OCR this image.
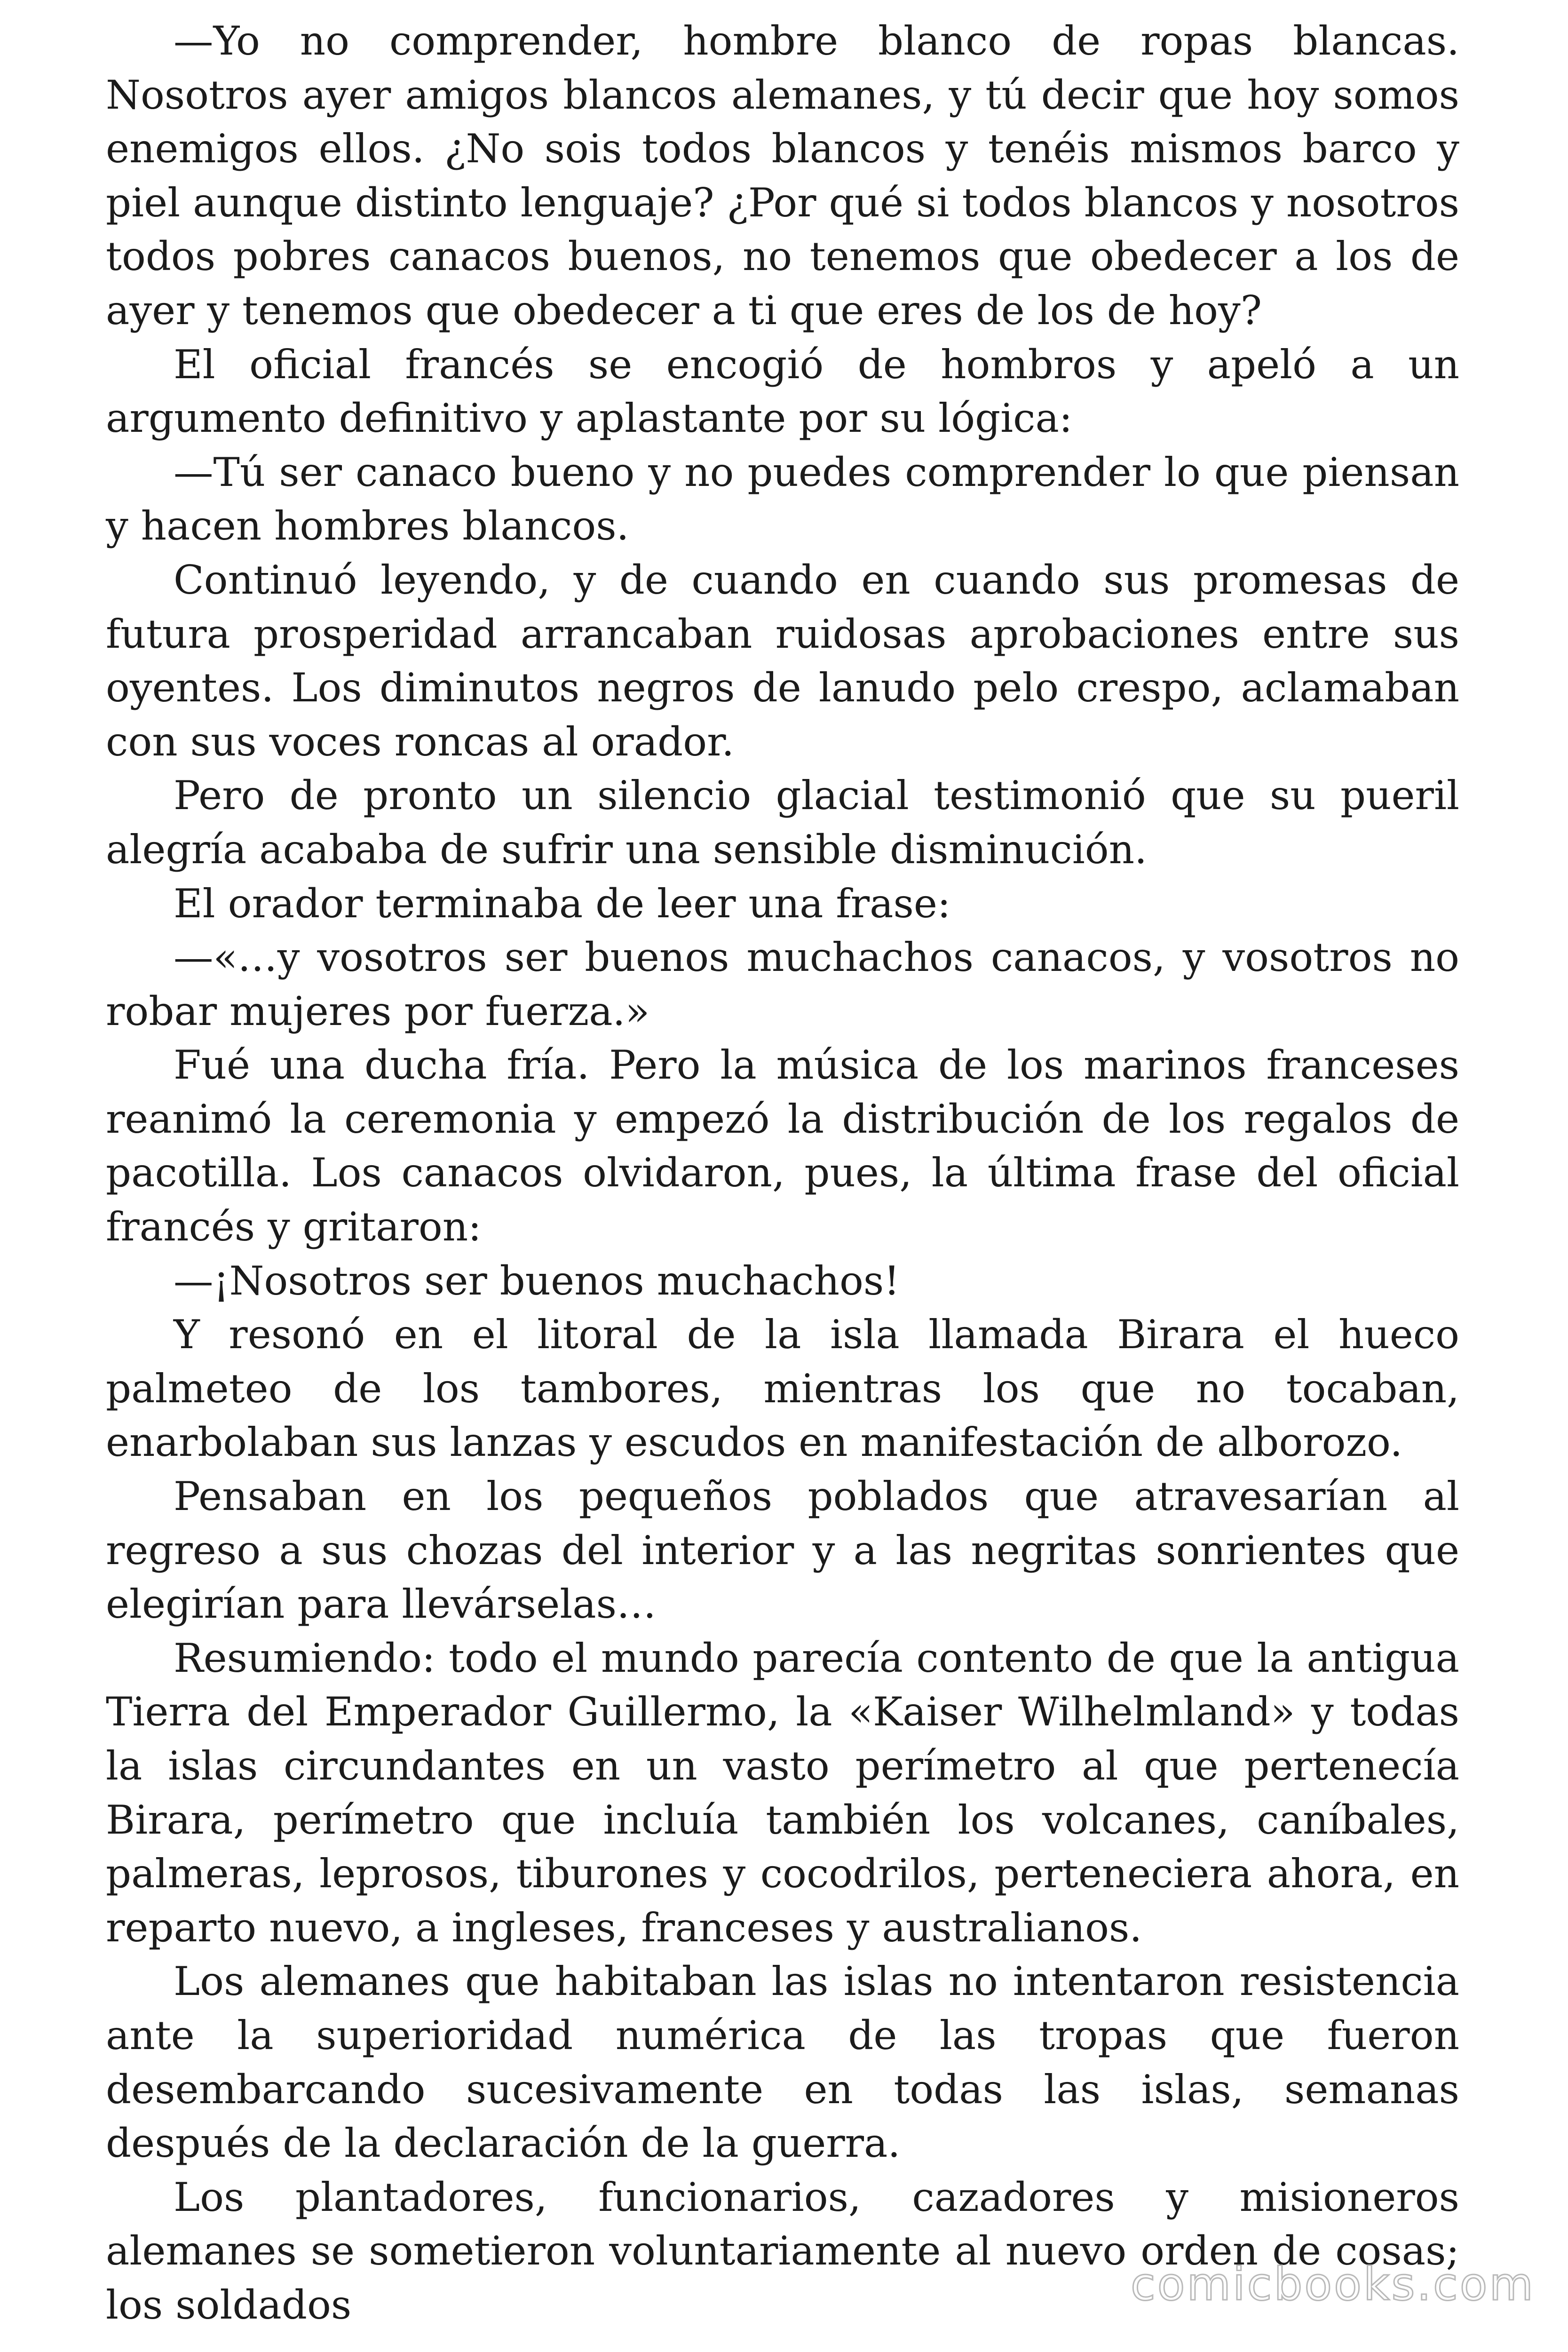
—Yo no comprender, hombre blanco de ropas blancas. Nosotros ayer amigos blancos alemanes, y tú decir que hoy somos enemigos ellos. ¿No sois todos blancos y tenéis mismos barco y piel aunque distinto lenguaje? ¿Por qué si todos blancos y nosotros todos pobres canacos buenos, no tenemos que obedecer a los de ayer y tenemos que obedecer a ti que eres de los de hoy?

El oficial francés se encogió de hombros y apeló a un argumento definitivo y aplastante por su lógica:

—Tú ser canaco bueno y no puedes comprender lo que piensan y hacen hombres blancos.

Continuó leyendo, y de cuando en cuando sus promesas de futura prosperidad arrancaban ruidosas aprobaciones entre sus oyentes. Los diminutos negros de lanudo pelo crespo, aclamaban con sus voces roncas al orador.

Pero de pronto un silencio glacial testimonió que su pueril alegría acababa de sufrir una sensible disminución.

El orador terminaba de leer una frase:

—«…y vosotros ser buenos muchachos canacos, y vosotros no robar mujeres por fuerza.»

Fué una ducha fría. Pero la música de los marinos franceses reanimó la ceremonia y empezó la distribución de los regalos de pacotilla. Los canacos olvidaron, pues, la última frase del oficial francés y gritaron:

—¡Nosotros ser buenos muchachos!

Y resonó en el litoral de la isla llamada Birara el hueco palmeteo de los tambores, mientras los que no tocaban, enarbolaban sus lanzas y escudos en manifestación de alborozo.

Pensaban en los pequeños poblados que atravesarían al regreso a sus chozas del interior y a las negritas sonrientes que elegirían para llevárselas…

Resumiendo: todo el mundo parecía contento de que la antigua Tierra del Emperador Guillermo, la «Kaiser Wilhelmland» y todas la islas circundantes en un vasto perímetro al que pertenecía Birara, perímetro que incluía también los volcanes, caníbales, palmeras, leprosos, tiburones y cocodrilos, perteneciera ahora, en reparto nuevo, a ingleses, franceses y australianos.

Los alemanes que habitaban las islas no intentaron resistencia ante la superioridad numérica de las tropas que fueron desembarcando sucesivamente en todas las islas, semanas después de la declaración de la guerra.

Los plantadores, funcionarios, cazadores y misioneros alemanes se sometieron voluntariamente al nuevo orden de cosas; los soldados	comicbooks.com
